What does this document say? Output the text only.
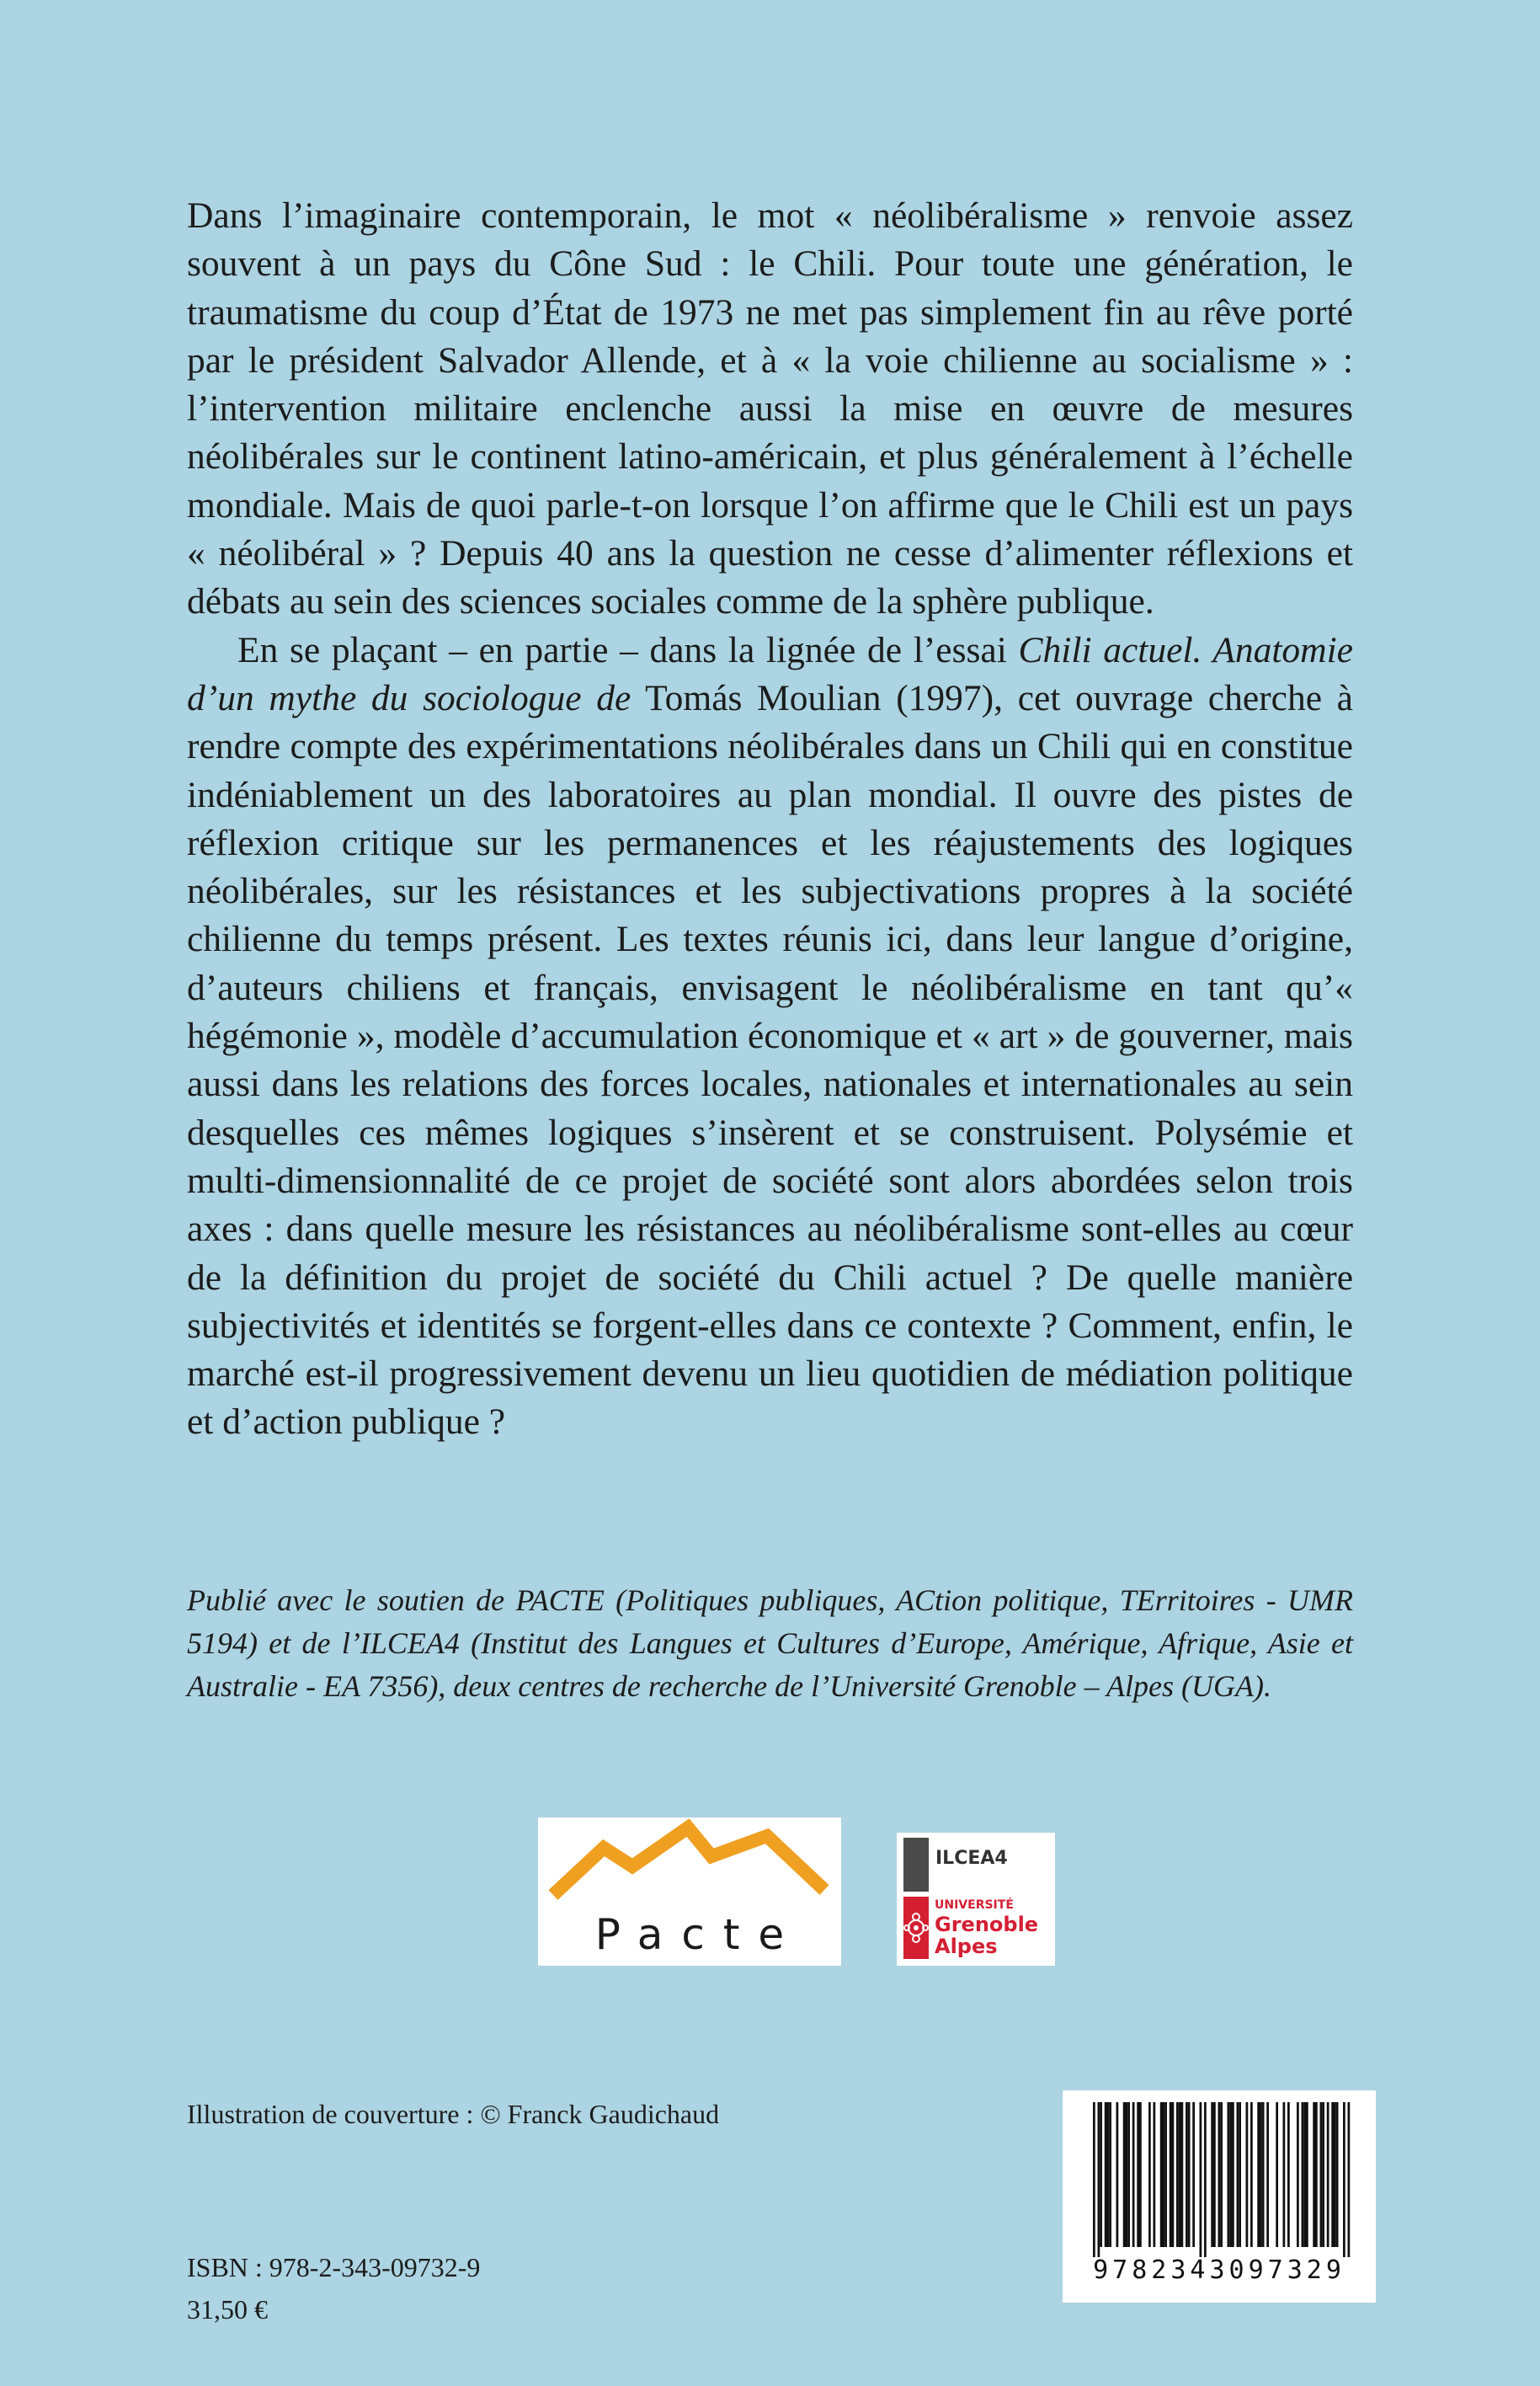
Dans l’imaginaire contemporain, le mot « néolibéralisme » renvoie assez souvent à un pays du Cône Sud : le Chili. Pour toute une génération, le traumatisme du coup d’État de 1973 ne met pas simplement fin au rêve porté par le président Salvador Allende, et à « la voie chilienne au socialisme » : l’intervention militaire enclenche aussi la mise en œuvre de mesures néolibérales sur le continent latino-américain, et plus généralement à l’échelle mondiale. Mais de quoi parle-t-on lorsque l’on affirme que le Chili est un pays « néolibéral » ? Depuis 40 ans la question ne cesse d’alimenter réflexions et débats au sein des sciences sociales comme de la sphère publique.

En se plaçant – en partie – dans la lignée de l’essai Chili actuel. Anatomie d’un mythe du sociologue de Tomás Moulian (1997), cet ouvrage cherche à rendre compte des expérimentations néolibérales dans un Chili qui en constitue indéniablement un des laboratoires au plan mondial. Il ouvre des pistes de réflexion critique sur les permanences et les réajustements des logiques néolibérales, sur les résistances et les subjectivations propres à la société chilienne du temps présent. Les textes réunis ici, dans leur langue d’origine, d’auteurs chiliens et français, envisagent le néolibéralisme en tant qu’« hégémonie », modèle d’accumulation économique et « art » de gouverner, mais aussi dans les relations des forces locales, nationales et internationales au sein desquelles ces mêmes logiques s’insèrent et se construisent. Polysémie et multi-dimensionnalité de ce projet de société sont alors abordées selon trois axes : dans quelle mesure les résistances au néolibéralisme sont-elles au cœur de la définition du projet de société du Chili actuel ? De quelle manière subjectivités et identités se forgent-elles dans ce contexte ? Comment, enfin, le marché est-il progressivement devenu un lieu quotidien de médiation politique et d’action publique ?

Publié avec le soutien de PACTE (Politiques publiques, ACtion politique, TErritoires - UMR 5194) et de l’ILCEA4 (Institut des Langues et Cultures d’Europe, Amérique, Afrique, Asie et Australie - EA 7356), deux centres de recherche de l’Université Grenoble – Alpes (UGA).
Pacte
ILCEA4
UNIVERSITÉ
Grenoble
Alpes
Illustration de couverture : © Franck Gaudichaud
ISBN : 978-2-343-09732-9
31,50 €
9782343097329
